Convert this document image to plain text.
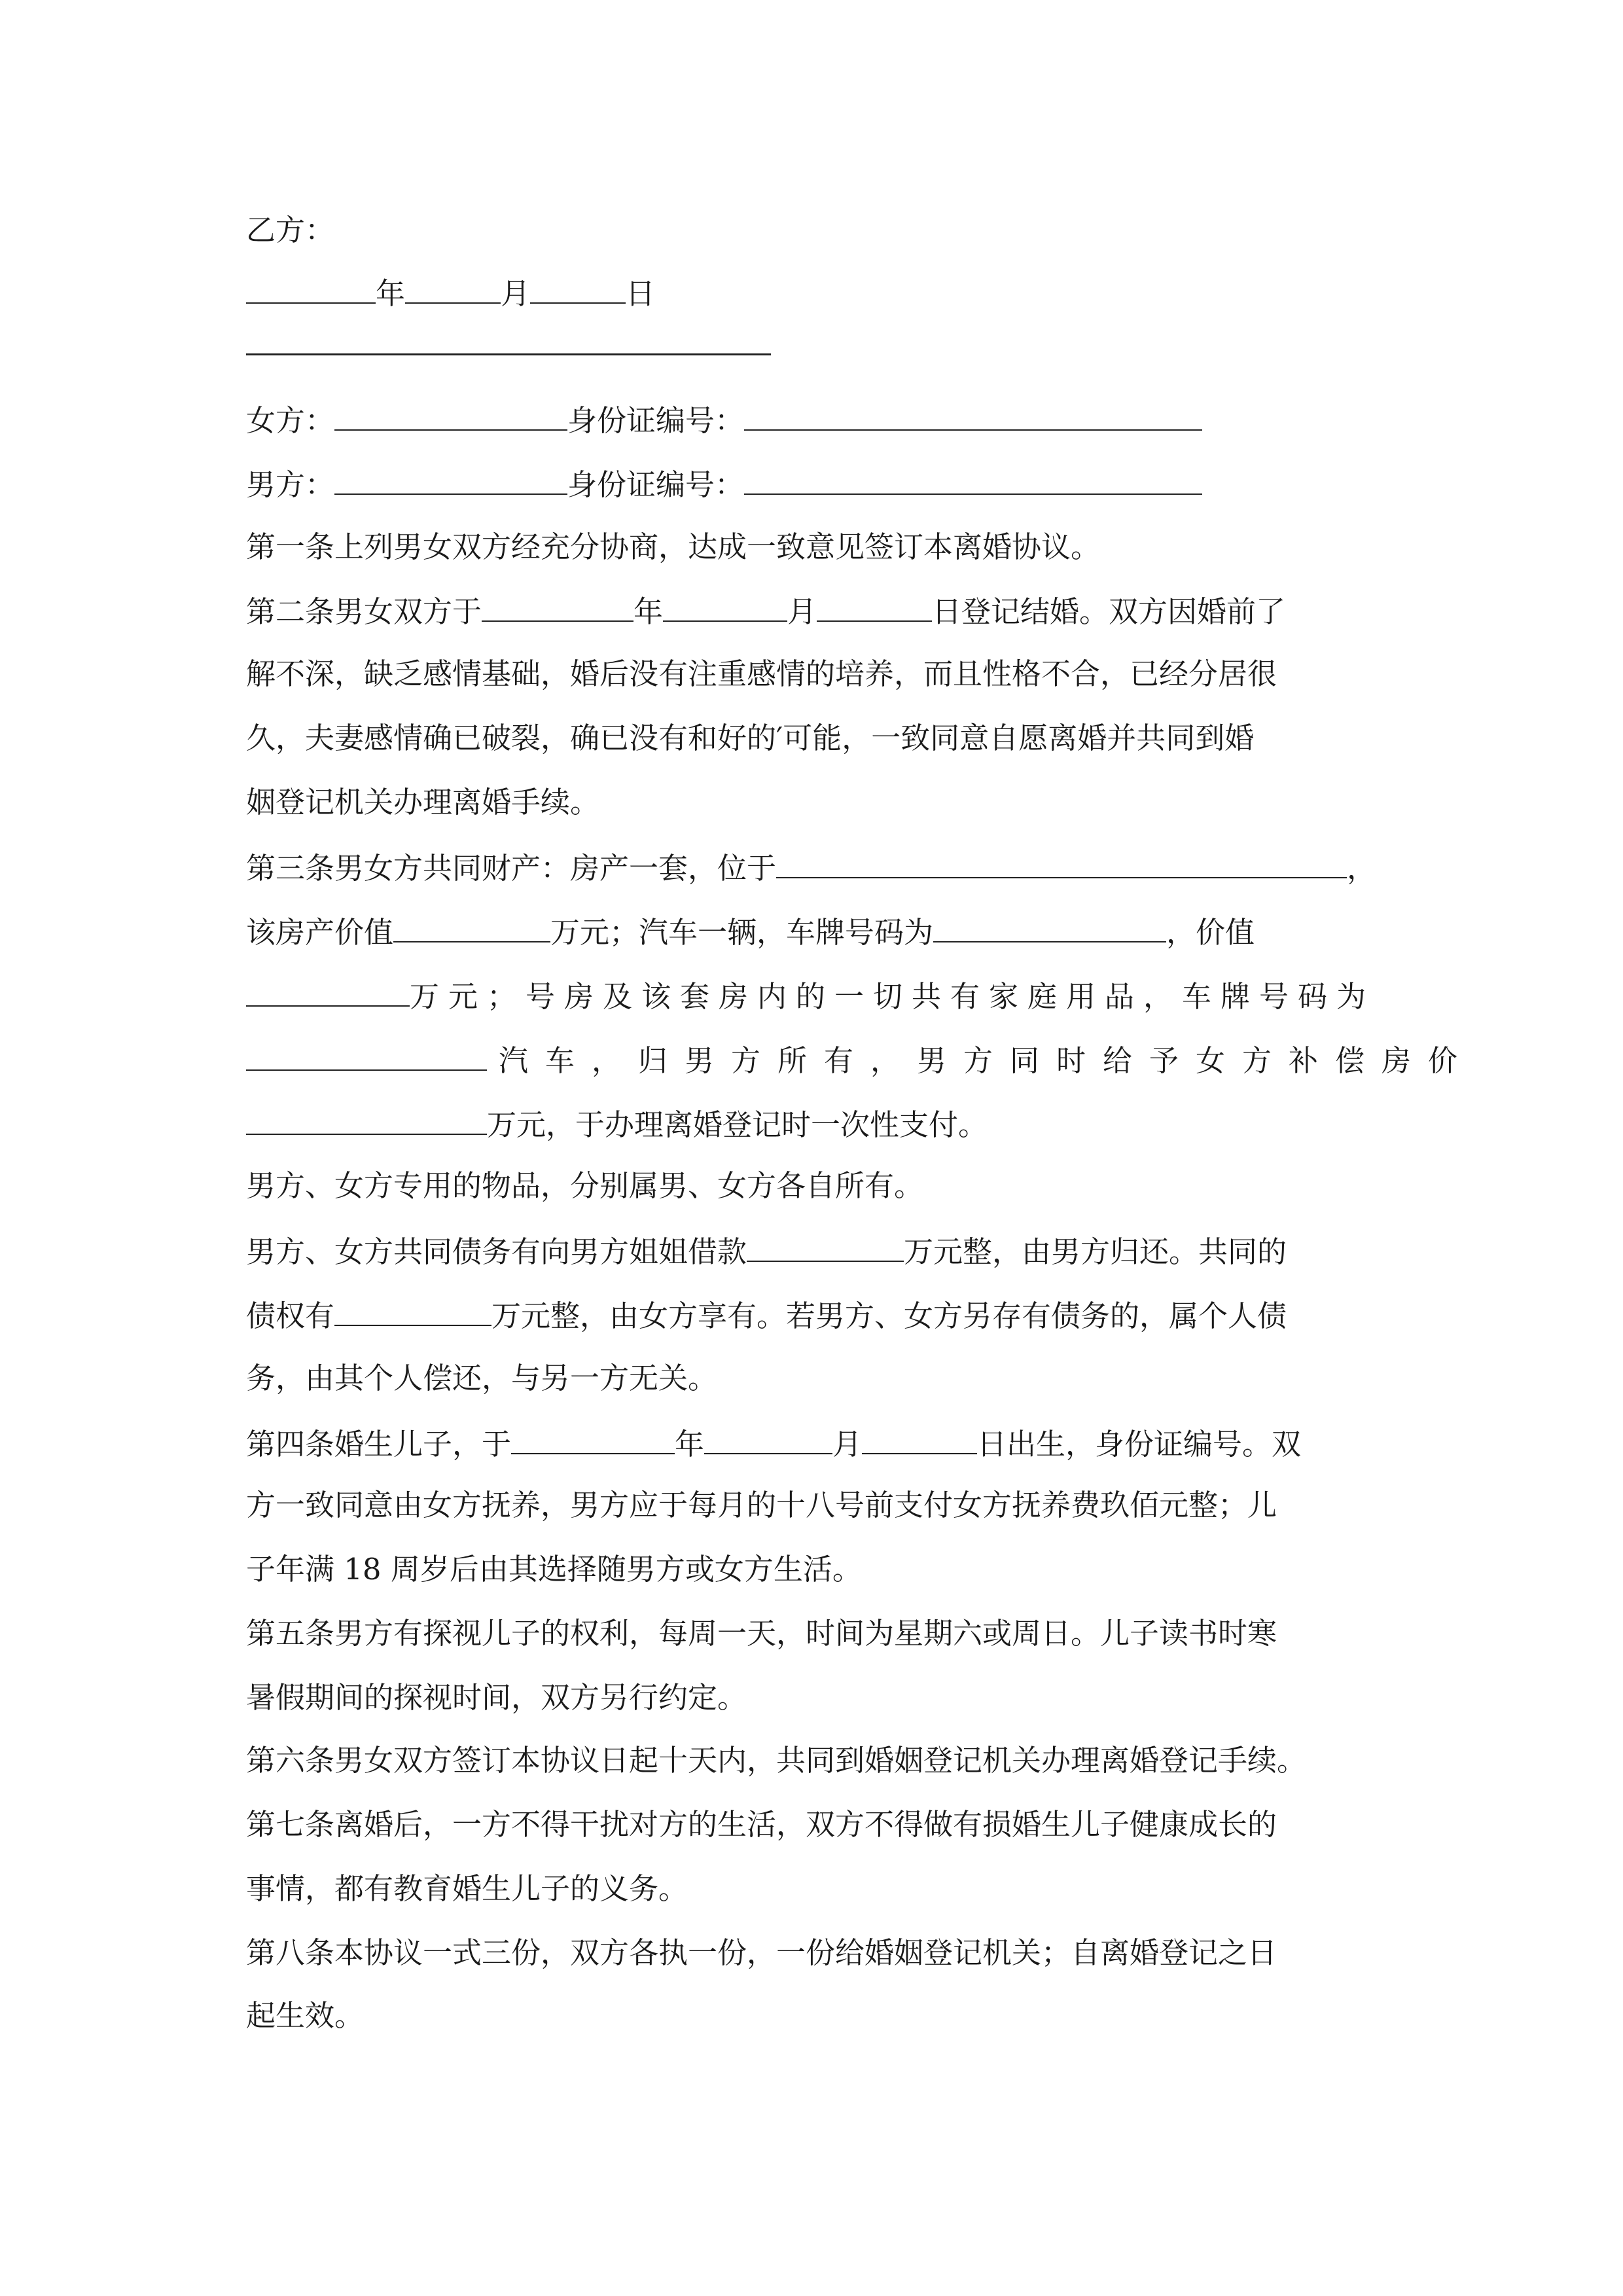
乙方：
年	月	日
女方：	身份证编号：
男方：	身份证编号：
第一条上列男女双方经充分协商，达成一致意见签订本离婚协议。
第二条男女双方于	年	月	日登记结婚。双方因婚前了
解不深，缺乏感情基础，婚后没有注重感情的培养，而且性格不合，已经分居很
久，夫妻感情确已破裂，确已没有和好的′可能，一致同意自愿离婚并共同到婚
姻登记机关办理离婚手续。
第三条男女方共同财产：房产一套，位于	，
该房产价值	万元；汽车一辆，车牌号码为	，价值
万元；号房及该套房内的一切共有家庭用品，车牌号码为
汽车，归男方所有，男方同时给予女方补偿房价
万元，于办理离婚登记时一次性支付。
男方、女方专用的物品，分别属男、女方各自所有。
男方、女方共同债务有向男方姐姐借款	万元整，由男方归还。共同的
债权有	万元整，由女方享有。若男方、女方另存有债务的，属个人债
务，由其个人偿还，与另一方无关。
第四条婚生儿子，于	年	月	日出生，身份证编号。双
方一致同意由女方抚养，男方应于每月的十八号前支付女方抚养费玖佰元整；儿
子年满 18 周岁后由其选择随男方或女方生活。
第五条男方有探视儿子的权利，每周一天，时间为星期六或周日。儿子读书时寒
暑假期间的探视时间，双方另行约定。
第六条男女双方签订本协议日起十天内，共同到婚姻登记机关办理离婚登记手续。
第七条离婚后，一方不得干扰对方的生活，双方不得做有损婚生儿子健康成长的
事情，都有教育婚生儿子的义务。
第八条本协议一式三份，双方各执一份，一份给婚姻登记机关；自离婚登记之日
起生效。
